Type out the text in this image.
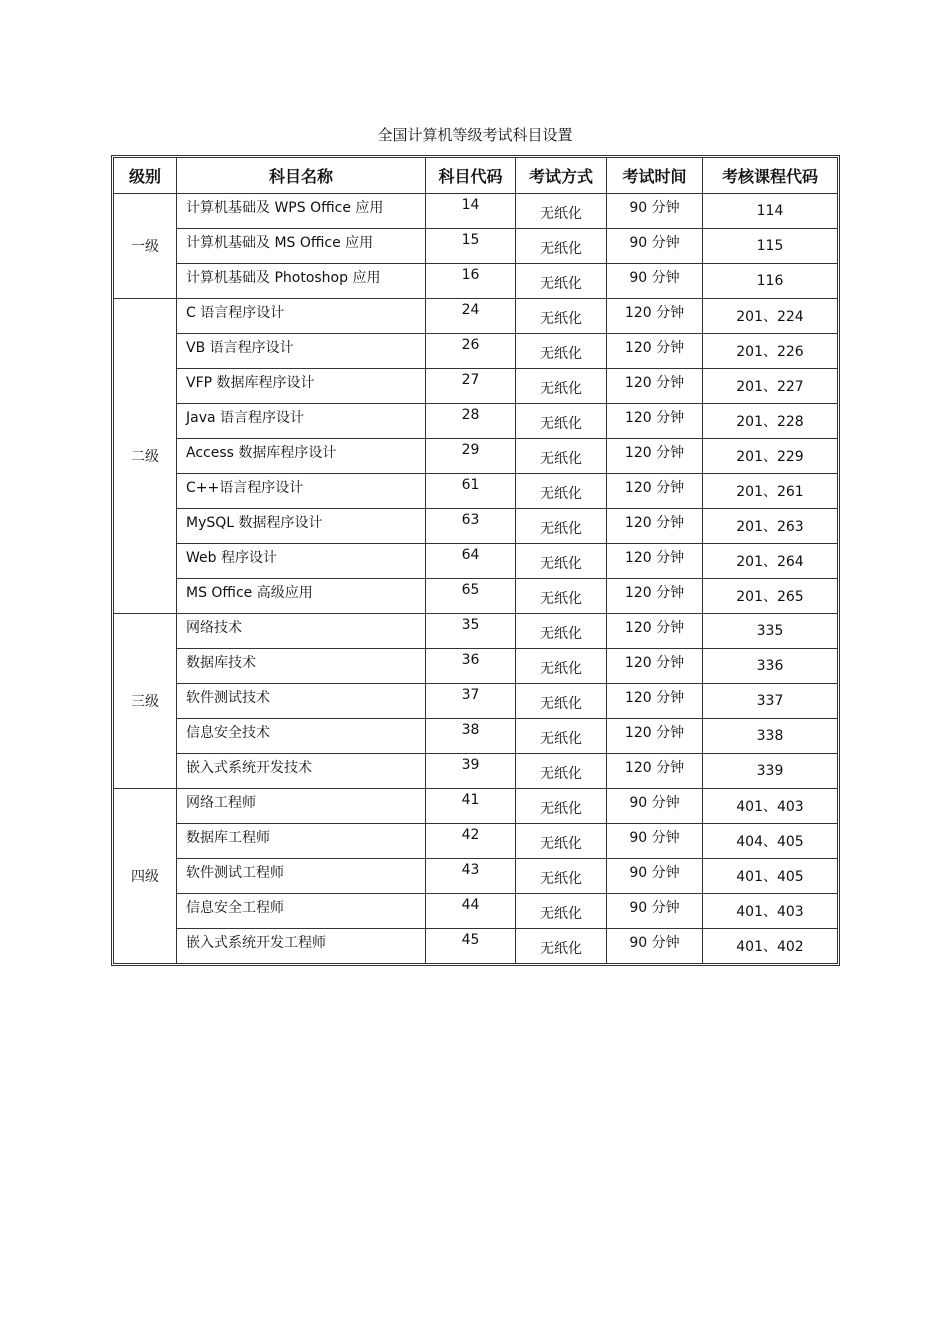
全国计算机等级考试科目设置
级别	科目名称	科目代码	考试方式	考试时间	考核课程代码
一级	计算机基础及 WPS Office 应用	14	无纸化	90 分钟	114
	计算机基础及 MS Office 应用	15	无纸化	90 分钟	115
	计算机基础及 Photoshop 应用	16	无纸化	90 分钟	116
二级	C 语言程序设计	24	无纸化	120 分钟	201、224
	VB 语言程序设计	26	无纸化	120 分钟	201、226
	VFP 数据库程序设计	27	无纸化	120 分钟	201、227
	Java 语言程序设计	28	无纸化	120 分钟	201、228
	Access 数据库程序设计	29	无纸化	120 分钟	201、229
	C++语言程序设计	61	无纸化	120 分钟	201、261
	MySQL 数据程序设计	63	无纸化	120 分钟	201、263
	Web 程序设计	64	无纸化	120 分钟	201、264
	MS Office 高级应用	65	无纸化	120 分钟	201、265
三级	网络技术	35	无纸化	120 分钟	335
	数据库技术	36	无纸化	120 分钟	336
	软件测试技术	37	无纸化	120 分钟	337
	信息安全技术	38	无纸化	120 分钟	338
	嵌入式系统开发技术	39	无纸化	120 分钟	339
四级	网络工程师	41	无纸化	90 分钟	401、403
	数据库工程师	42	无纸化	90 分钟	404、405
	软件测试工程师	43	无纸化	90 分钟	401、405
	信息安全工程师	44	无纸化	90 分钟	401、403
	嵌入式系统开发工程师	45	无纸化	90 分钟	401、402
